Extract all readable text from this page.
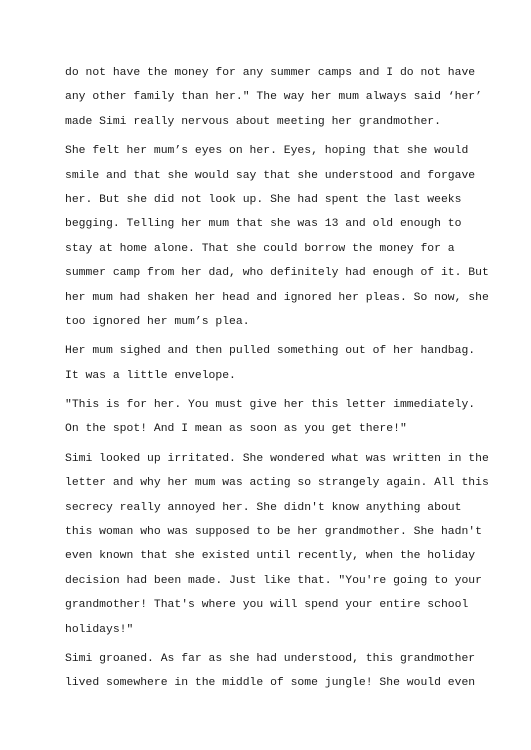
do not have the money for any summer camps and I do not have
any other family than her." The way her mum always said ‘her’
made Simi really nervous about meeting her grandmother.

She felt her mum’s eyes on her. Eyes, hoping that she would
smile and that she would say that she understood and forgave
her. But she did not look up. She had spent the last weeks
begging. Telling her mum that she was 13 and old enough to
stay at home alone. That she could borrow the money for a
summer camp from her dad, who definitely had enough of it. But
her mum had shaken her head and ignored her pleas. So now, she
too ignored her mum’s plea.

Her mum sighed and then pulled something out of her handbag.
It was a little envelope.

"This is for her. You must give her this letter immediately.
On the spot! And I mean as soon as you get there!"

Simi looked up irritated. She wondered what was written in the
letter and why her mum was acting so strangely again. All this
secrecy really annoyed her. She didn't know anything about
this woman who was supposed to be her grandmother. She hadn't
even known that she existed until recently, when the holiday
decision had been made. Just like that. "You're going to your
grandmother! That's where you will spend your entire school
holidays!"

Simi groaned. As far as she had understood, this grandmother
lived somewhere in the middle of some jungle! She would even
